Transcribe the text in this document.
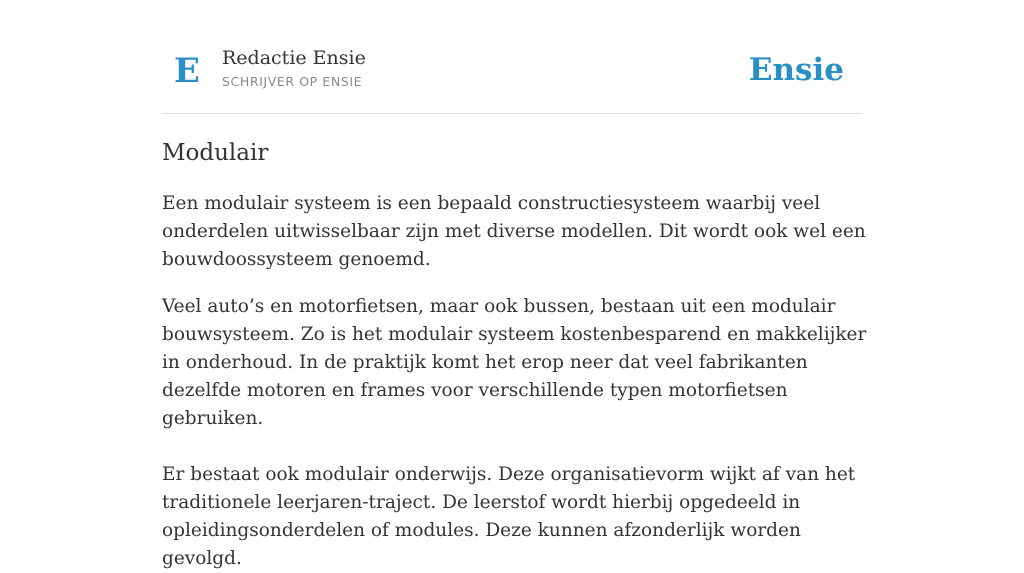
E Redactie Ensie
SCHRIJVER OP ENSIE	Ensie
Modulair

Een modulair systeem is een bepaald constructiesysteem waarbij veel onderdelen uitwisselbaar zijn met diverse modellen. Dit wordt ook wel een bouwdoossysteem genoemd.

Veel auto’s en motorfietsen, maar ook bussen, bestaan uit een modulair bouwsysteem. Zo is het modulair systeem kostenbesparend en makkelijker in onderhoud. In de praktijk komt het erop neer dat veel fabrikanten dezelfde motoren en frames voor verschillende typen motorfietsen gebruiken.

Er bestaat ook modulair onderwijs. Deze organisatievorm wijkt af van het traditionele leerjaren-traject. De leerstof wordt hierbij opgedeeld in opleidingsonderdelen of modules. Deze kunnen afzonderlijk worden gevolgd.
